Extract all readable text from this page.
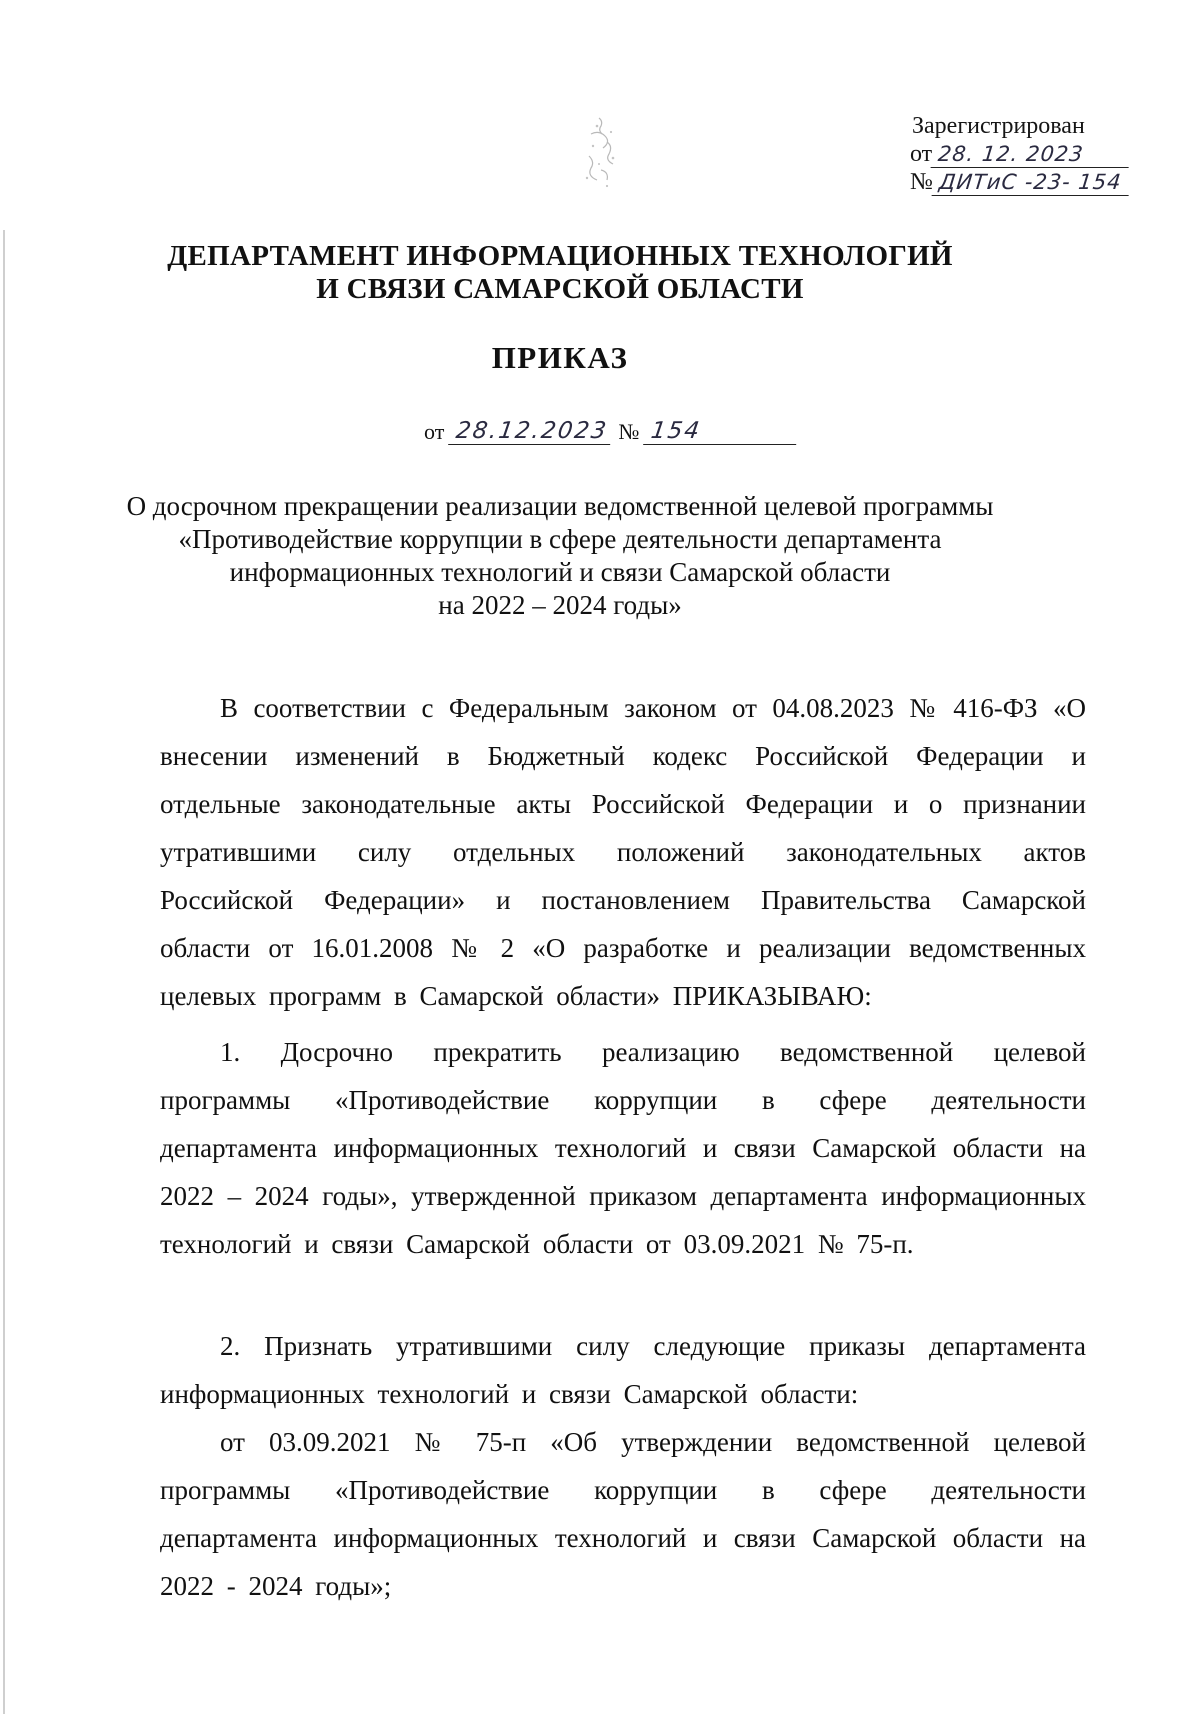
Зарегистрирован
от 28. 12. 2023
№ ДИТиС -23- 154
ДЕПАРТАМЕНТ ИНФОРМАЦИОННЫХ ТЕХНОЛОГИЙ
И СВЯЗИ САМАРСКОЙ ОБЛАСТИ
ПРИКАЗ
от 28.12.2023 № 154
О досрочном прекращении реализации ведомственной целевой программы
«Противодействие коррупции в сфере деятельности департамента
информационных технологий и связи Самарской области
на 2022 – 2024 годы»

В соответствии с Федеральным законом от 04.08.2023 № 416-ФЗ «О внесении изменений в Бюджетный кодекс Российской Федерации и отдельные законодательные акты Российской Федерации и о признании утратившими силу отдельных положений законодательных актов Российской Федерации» и постановлением Правительства Самарской области от 16.01.2008 № 2 «О разработке и реализации ведомственных целевых программ в Самарской области» ПРИКАЗЫВАЮ:

1. Досрочно прекратить реализацию ведомственной целевой программы «Противодействие коррупции в сфере деятельности департамента информационных технологий и связи Самарской области на 2022 – 2024 годы», утвержденной приказом департамента информационных технологий и связи Самарской области от 03.09.2021 № 75-п.

2. Признать утратившими силу следующие приказы департамента информационных технологий и связи Самарской области:

от 03.09.2021 № 75-п «Об утверждении ведомственной целевой программы «Противодействие коррупции в сфере деятельности департамента информационных технологий и связи Самарской области на 2022 - 2024 годы»;
